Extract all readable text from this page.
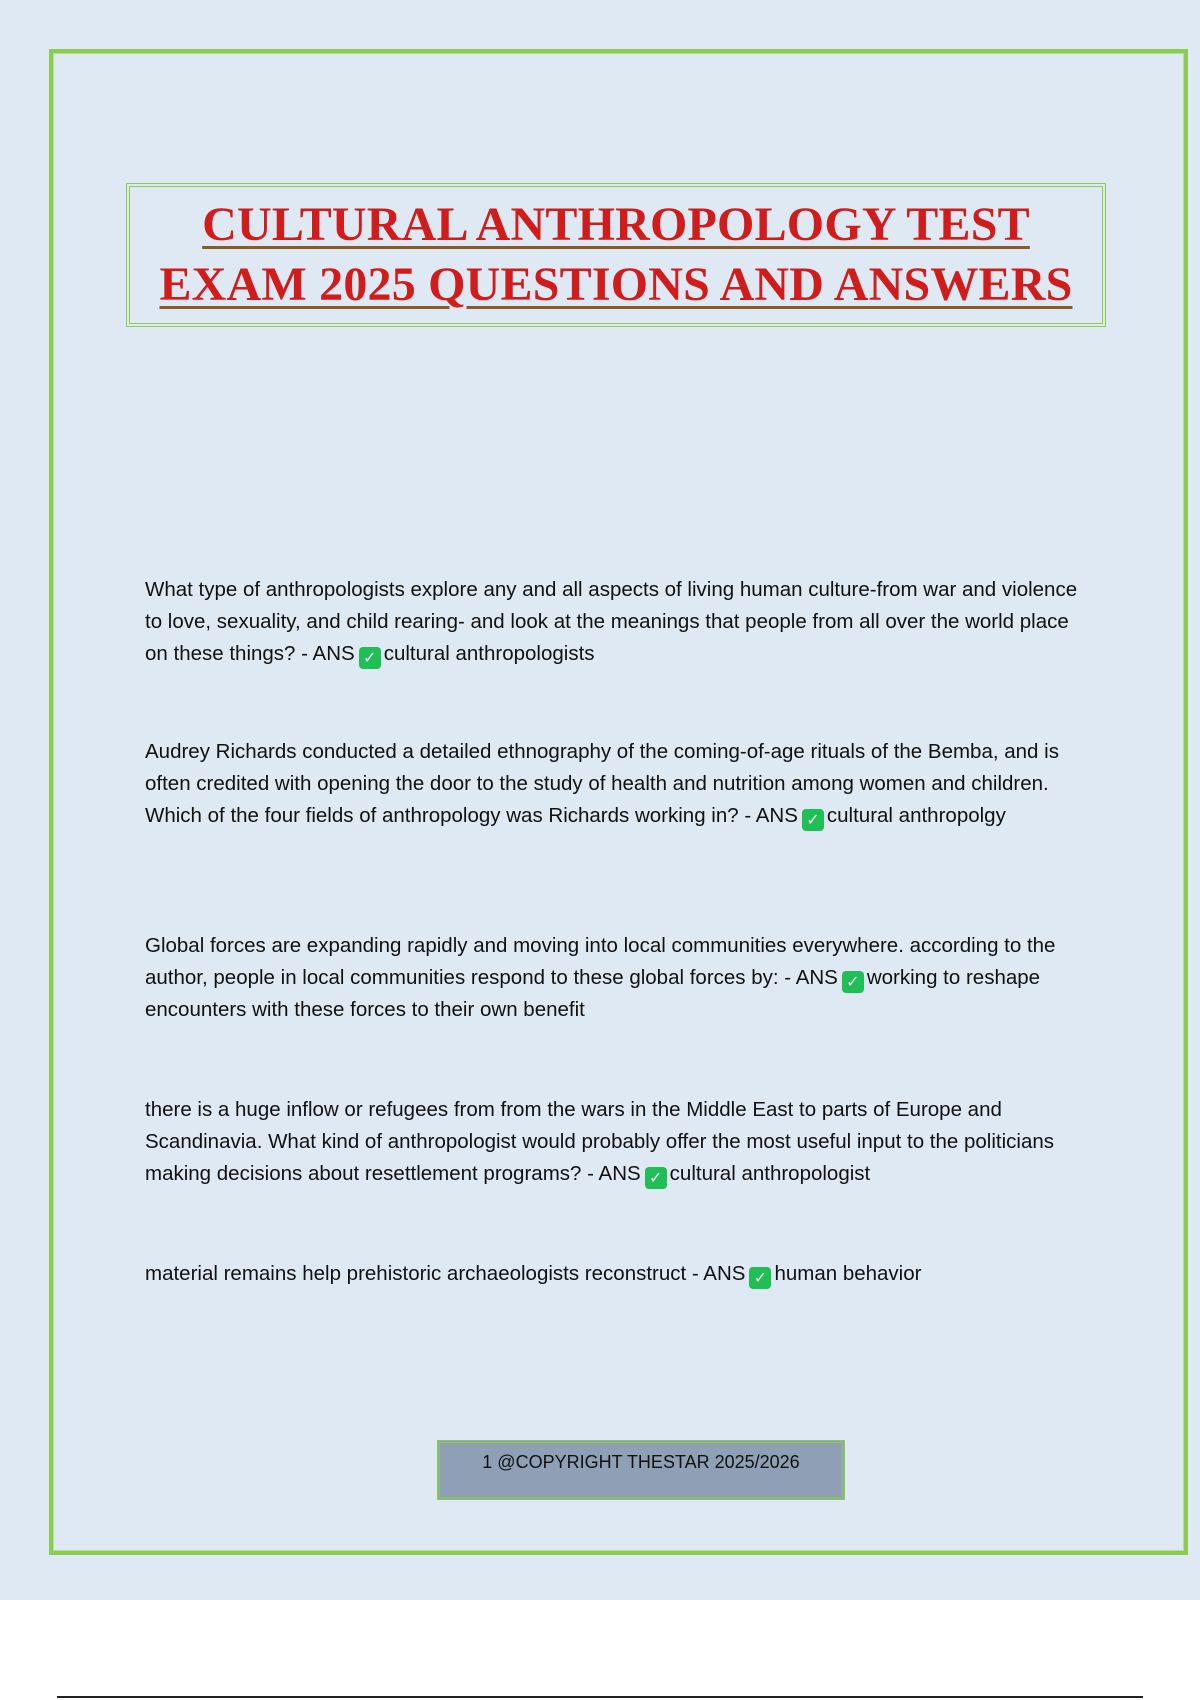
CULTURAL ANTHROPOLOGY TEST
EXAM 2025 QUESTIONS AND ANSWERS
What type of anthropologists explore any and all aspects of living human culture-from war and violence to love, sexuality, and child rearing- and look at the meanings that people from all over the world place on these things? - ANS ✓ cultural anthropologists
Audrey Richards conducted a detailed ethnography of the coming-of-age rituals of the Bemba, and is often credited with opening the door to the study of health and nutrition among women and children. Which of the four fields of anthropology was Richards working in? - ANS ✓ cultural anthropolgy
Global forces are expanding rapidly and moving into local communities everywhere. according to the author, people in local communities respond to these global forces by: - ANS ✓ working to reshape encounters with these forces to their own benefit
there is a huge inflow or refugees from from the wars in the Middle East to parts of Europe and Scandinavia. What kind of anthropologist would probably offer the most useful input to the politicians making decisions about resettlement programs? - ANS ✓ cultural anthropologist
material remains help prehistoric archaeologists reconstruct - ANS ✓ human behavior
1 @COPYRIGHT THESTAR 2025/2026
